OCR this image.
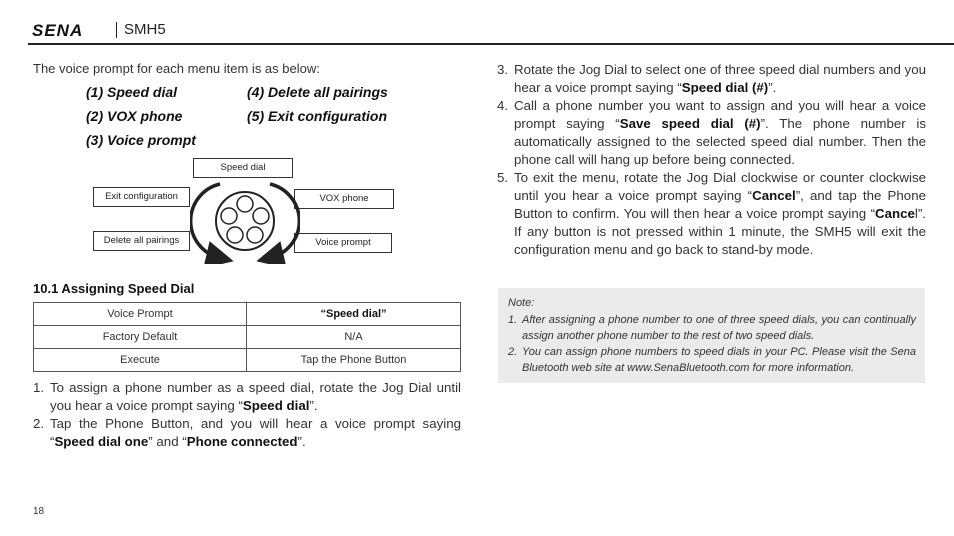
SENA	SMH5
The voice prompt for each menu item is as below:
(1) Speed dial
(2) VOX phone
(3) Voice prompt
(4) Delete all pairings
(5) Exit configuration
Speed dial
VOX phone
Voice prompt
Delete all pairings
Exit configuration
10.1 Assigning Speed Dial
Voice Prompt	“Speed dial”
Factory Default	N/A
Execute	Tap the Phone Button

1. To assign a phone number as a speed dial, rotate the Jog Dial until you hear a voice prompt saying “Speed dial”.

2. Tap the Phone Button, and you will hear a voice prompt saying “Speed dial one” and “Phone connected”.

3. Rotate the Jog Dial to select one of three speed dial numbers and you hear a voice prompt saying “Speed dial (#)”.

4. Call a phone number you want to assign and you will hear a voice prompt saying “Save speed dial (#)”. The phone number is automatically assigned to the selected speed dial number. Then the phone call will hang up before being connected.

5. To exit the menu, rotate the Jog Dial clockwise or counter clockwise until you hear a voice prompt saying “Cancel”, and tap the Phone Button to confirm. You will then hear a voice prompt saying “Cancel”. If any button is not pressed within 1 minute, the SMH5 will exit the configuration menu and go back to stand-by mode.

Note:
1. After assigning a phone number to one of three speed dials, you can continually assign another phone number to the rest of two speed dials.
2. You can assign phone numbers to speed dials in your PC. Please visit the Sena Bluetooth web site at www.SenaBluetooth.com for more information.
18
